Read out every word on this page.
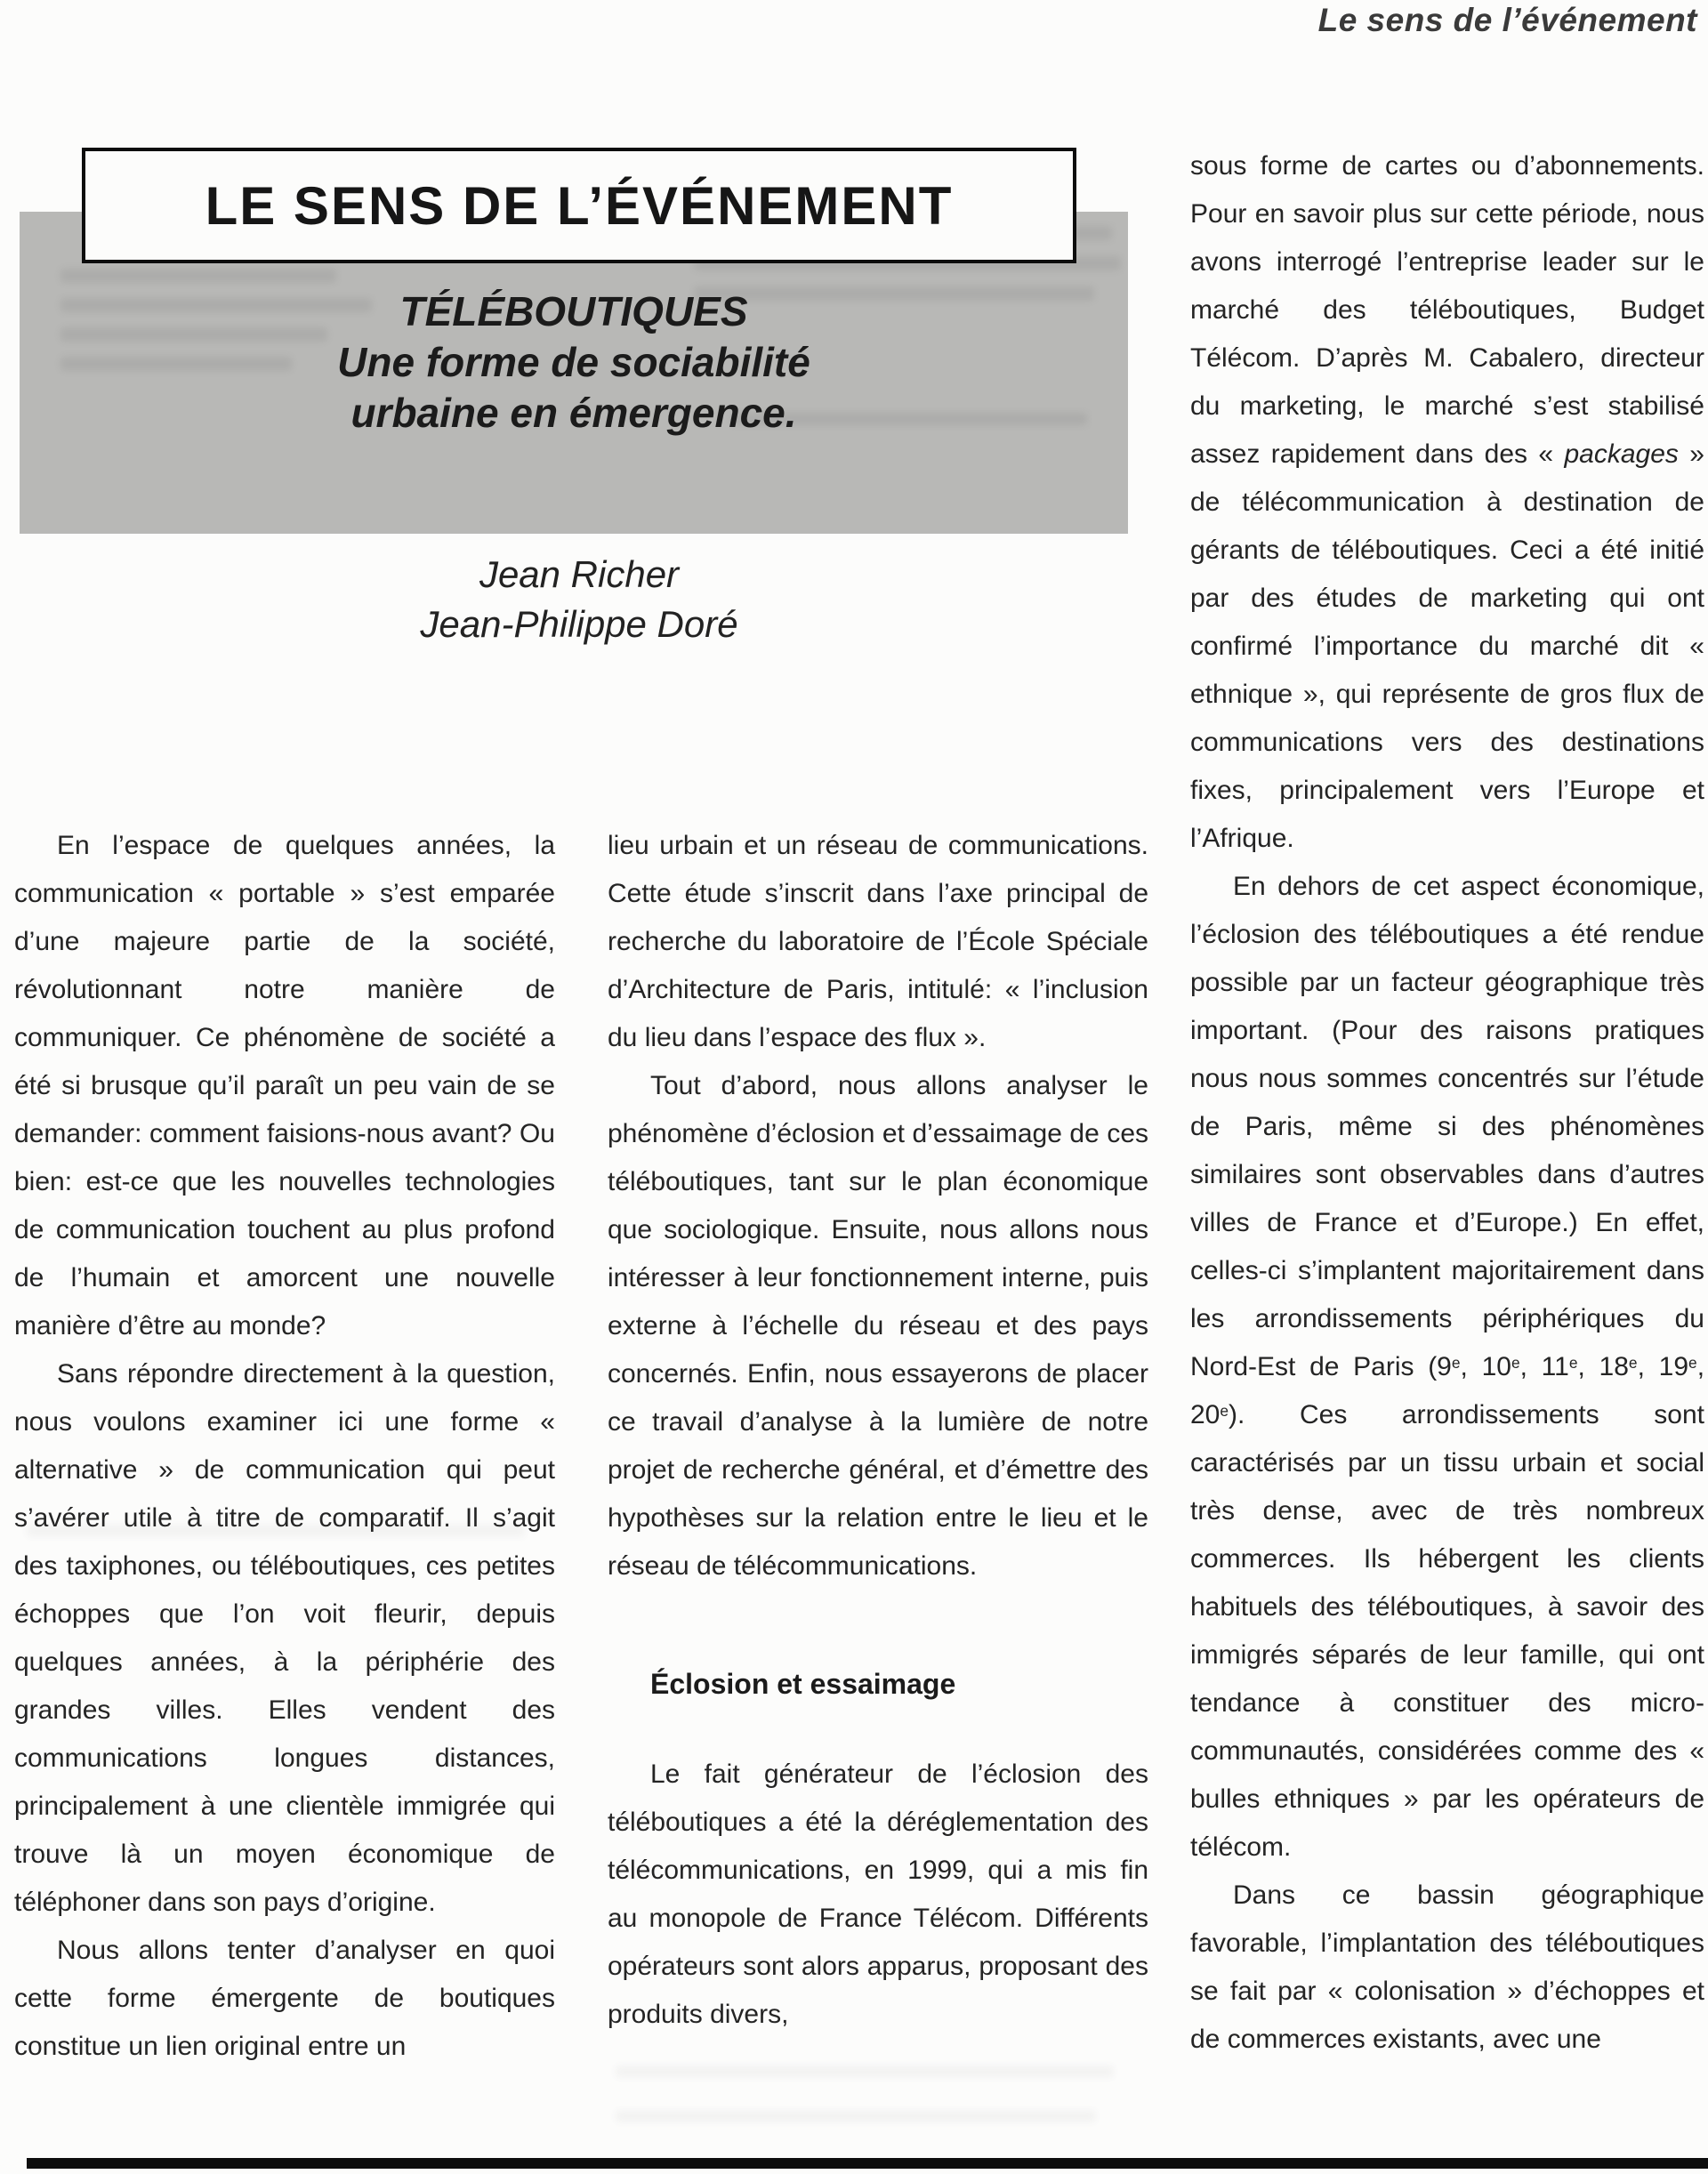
Le sens de l’événement
TÉLÉBOUTIQUES
Une forme de sociabilité
urbaine en émergence.
LE SENS DE L’ÉVÉNEMENT
Jean Richer
Jean-Philippe Doré

En l’espace de quelques années, la communication « portable » s’est emparée d’une majeure partie de la société, révolutionnant notre manière de communiquer. Ce phénomène de société a été si brusque qu’il paraît un peu vain de se demander: comment faisions-nous avant? Ou bien: est-ce que les nouvelles technologies de communication touchent au plus profond de l’humain et amorcent une nouvelle manière d’être au monde?

Sans répondre directement à la question, nous voulons examiner ici une forme « alternative » de communication qui peut s’avérer utile à titre de comparatif. Il s’agit des taxiphones, ou téléboutiques, ces petites échoppes que l’on voit fleurir, depuis quelques années, à la périphérie des grandes villes. Elles vendent des communications longues distances, principalement à une clientèle immigrée qui trouve là un moyen économique de téléphoner dans son pays d’origine.

Nous allons tenter d’analyser en quoi cette forme émergente de boutiques constitue un lien original entre un

lieu urbain et un réseau de communications. Cette étude s’inscrit dans l’axe principal de recherche du laboratoire de l’École Spéciale d’Architecture de Paris, intitulé: « l’inclusion du lieu dans l’espace des flux ».

Tout d’abord, nous allons analyser le phénomène d’éclosion et d’essaimage de ces téléboutiques, tant sur le plan économique que sociologique. Ensuite, nous allons nous intéresser à leur fonctionnement interne, puis externe à l’échelle du réseau et des pays concernés. Enfin, nous essayerons de placer ce travail d’analyse à la lumière de notre projet de recherche général, et d’émettre des hypothèses sur la relation entre le lieu et le réseau de télécommunications.

Éclosion et essaimage

Le fait générateur de l’éclosion des téléboutiques a été la déréglementation des télécommunications, en 1999, qui a mis fin au monopole de France Télécom. Différents opérateurs sont alors apparus, proposant des produits divers,

sous forme de cartes ou d’abonnements. Pour en savoir plus sur cette période, nous avons interrogé l’entreprise leader sur le marché des téléboutiques, Budget Télécom. D’après M. Cabalero, directeur du marketing, le marché s’est stabilisé assez rapidement dans des « packages » de télécommunication à destination de gérants de téléboutiques. Ceci a été initié par des études de marketing qui ont confirmé l’importance du marché dit « ethnique », qui représente de gros flux de communications vers des destinations fixes, principalement vers l’Europe et l’Afrique.

En dehors de cet aspect économique, l’éclosion des téléboutiques a été rendue possible par un facteur géographique très important. (Pour des raisons pratiques nous nous sommes concentrés sur l’étude de Paris, même si des phénomènes similaires sont observables dans d’autres villes de France et d’Europe.) En effet, celles-ci s’implantent majoritairement dans les arrondissements périphériques du Nord-Est de Paris (9e, 10e, 11e, 18e, 19e, 20e). Ces arrondissements sont caractérisés par un tissu urbain et social très dense, avec de très nombreux commerces. Ils hébergent les clients habituels des téléboutiques, à savoir des immigrés séparés de leur famille, qui ont tendance à constituer des micro-communautés, considérées comme des « bulles ethniques » par les opérateurs de télécom.

Dans ce bassin géographique favorable, l’implantation des téléboutiques se fait par « colonisation » d’échoppes et de commerces existants, avec une
